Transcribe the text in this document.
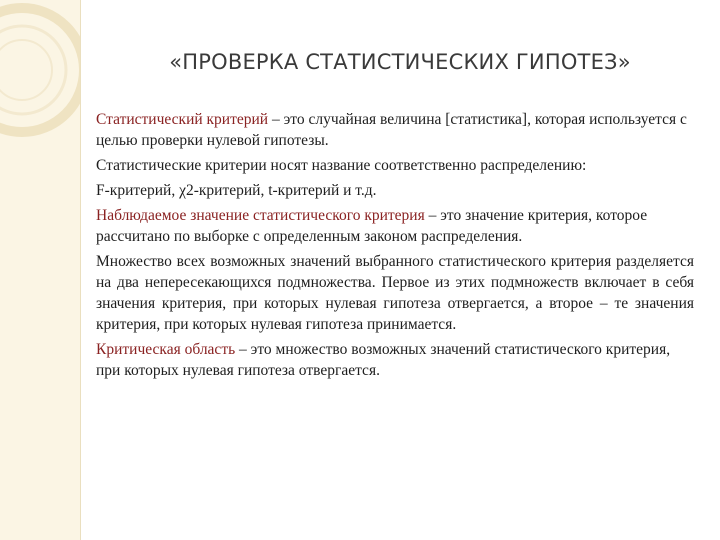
«ПРОВЕРКА СТАТИСТИЧЕСКИХ ГИПОТЕЗ»

Статистический критерий – это случайная величина [статистика], которая используется с целью проверки нулевой гипотезы.

Статистические критерии носят название соответственно распределению:

F-критерий, χ2-критерий, t-критерий и т.д.

Наблюдаемое значение статистического критерия – это значение критерия, которое рассчитано по выборке с определенным законом распределения.

Множество всех возможных значений выбранного статистического критерия разделяется на два непересекающихся подмножества. Первое из этих подмножеств включает в себя значения критерия, при которых нулевая гипотеза отвергается, а второе – те значения критерия, при которых нулевая гипотеза принимается.

Критическая область – это множество возможных значений статистического критерия, при которых нулевая гипотеза отвергается.
